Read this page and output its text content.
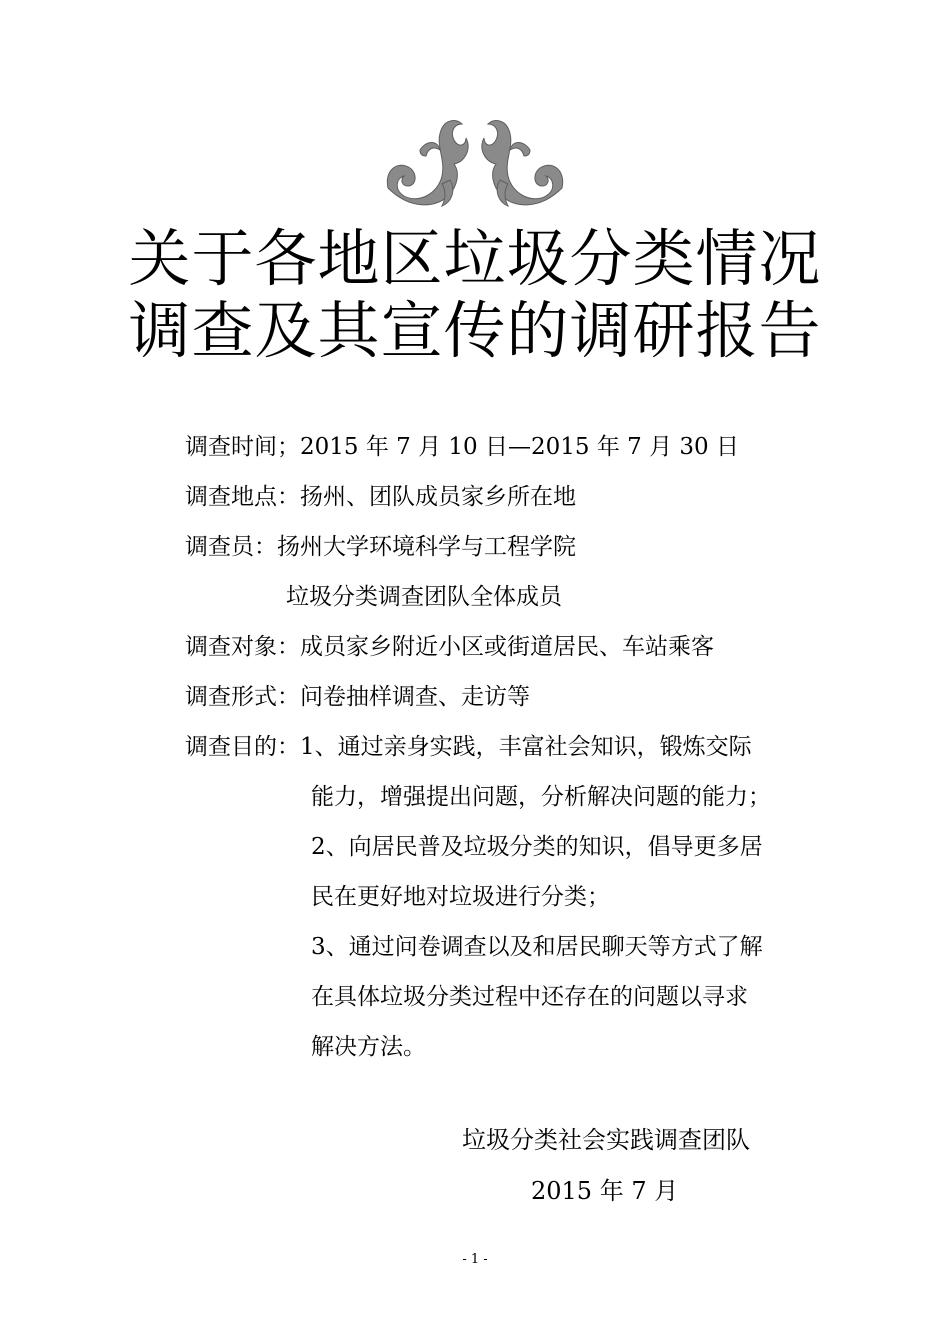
关于各地区垃圾分类情况
调查及其宣传的调研报告
调查时间；2015 年 7 月 10 日—2015 年 7 月 30 日
调查地点：扬州、团队成员家乡所在地
调查员：扬州大学环境科学与工程学院
垃圾分类调查团队全体成员
调查对象：成员家乡附近小区或街道居民、车站乘客
调查形式：问卷抽样调查、走访等
调查目的：1、通过亲身实践，丰富社会知识，锻炼交际
能力，增强提出问题，分析解决问题的能力；
2、向居民普及垃圾分类的知识，倡导更多居
民在更好地对垃圾进行分类；
3、通过问卷调查以及和居民聊天等方式了解
在具体垃圾分类过程中还存在的问题以寻求
解决方法。
垃圾分类社会实践调查团队
2015 年 7 月
- 1 -
